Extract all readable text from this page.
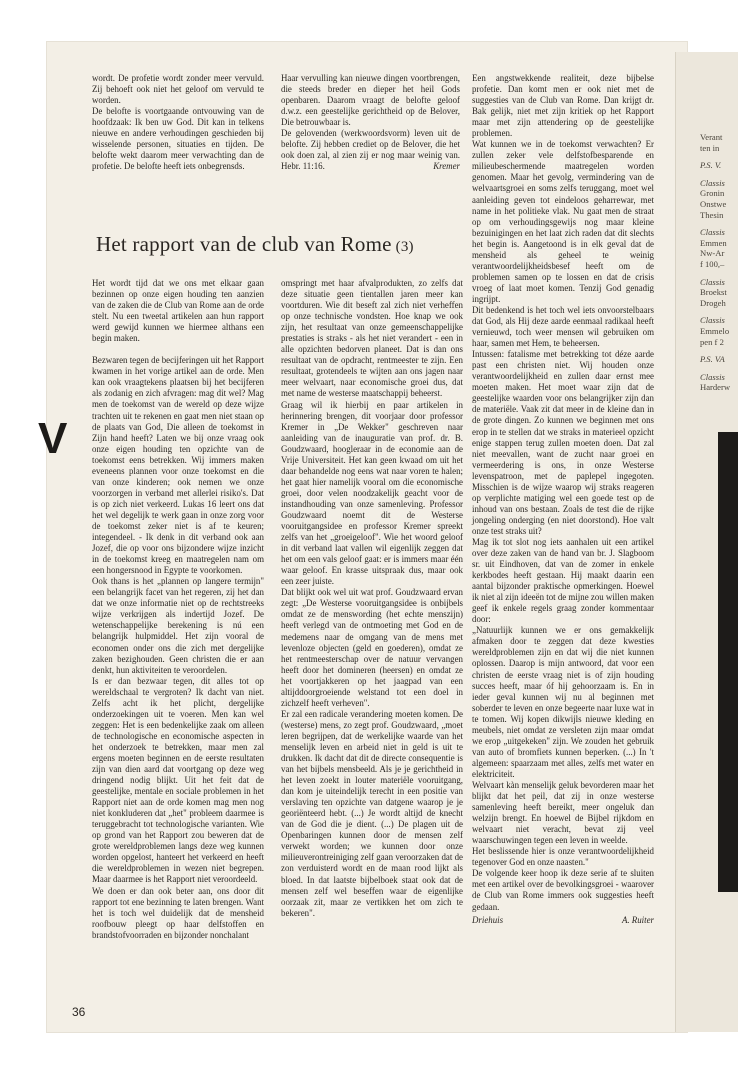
Verant
ten in
P.S. V.
Classis
Gronin
Onstwe
Thesin
Classis
Emmen
Nw-Ar
f 100,–
Classis
Broekst
Drogeh
Classis
Emmelo
pen f 2
P.S. VA
Classis
Harderw
V

wordt. De profetie wordt zonder meer vervuld. Zij behoeft ook niet het geloof om vervuld te worden.

De belofte is voortgaande ontvouwing van de hoofdzaak: Ik ben uw God. Dit kan in telkens nieuwe en andere verhoudingen geschieden bij wisselende personen, situaties en tijden. De belofte wekt daarom meer verwachting dan de profetie. De belofte heeft iets onbegrensds.

Haar vervulling kan nieuwe dingen voortbrengen, die steeds breder en dieper het heil Gods openbaren. Daarom vraagt de belofte geloof d.w.z. een geestelijke gerichtheid op de Belover, Die betrouwbaar is.

De gelovenden (werkwoordsvorm) leven uit de belofte. Zij hebben crediet op de Belover, die het ook doen zal, al zien zij er nog maar weinig van. Hebr. 11:16.	Kremer
Het rapport van de club van Rome (3)

Het wordt tijd dat we ons met elkaar gaan bezinnen op onze eigen houding ten aanzien van de zaken die de Club van Rome aan de orde stelt. Nu een tweetal artikelen aan hun rapport werd gewijd kunnen we hiermee althans een begin maken.

Bezwaren tegen de becijferingen uit het Rapport kwamen in het vorige artikel aan de orde. Men kan ook vraagtekens plaatsen bij het becijferen als zodanig en zich afvragen: mag dit wel? Mag men de toekomst van de wereld op deze wijze trachten uit te rekenen en gaat men niet staan op de plaats van God, Die alleen de toekomst in Zijn hand heeft? Laten we bij onze vraag ook onze eigen houding ten opzichte van de toekomst eens betrekken. Wij immers maken eveneens plannen voor onze toekomst en die van onze kinderen; ook nemen we onze voorzorgen in verband met allerlei risiko's. Dat is op zich niet verkeerd. Lukas 16 leert ons dat het wel degelijk te werk gaan in onze zorg voor de toekomst zeker niet is af te keuren; integendeel. - Ik denk in dit verband ook aan Jozef, die op voor ons bijzondere wijze inzicht in de toekomst kreeg en maatregelen nam om een hongersnood in Egypte te voorkomen.

Ook thans is het „plannen op langere termijn" een belangrijk facet van het regeren, zij het dan dat we onze informatie niet op de rechtstreeks wijze verkrijgen als indertijd Jozef. De wetenschappelijke berekening is nú een belangrijk hulpmiddel. Het zijn vooral de economen onder ons die zich met dergelijke zaken bezighouden. Geen christen die er aan denkt, hun aktiviteiten te veroordelen.

Is er dan bezwaar tegen, dit alles tot op wereldschaal te vergroten? Ik dacht van niet. Zelfs acht ik het plicht, dergelijke onderzoekingen uit te voeren. Men kan wel zeggen: Het is een bedenkelijke zaak om alleen de technologische en economische aspecten in het onderzoek te betrekken, maar men zal ergens moeten beginnen en de eerste resultaten zijn van dien aard dat voortgang op deze weg dringend nodig blijkt. Uit het feit dat de geestelijke, mentale en sociale problemen in het Rapport niet aan de orde komen mag men nog niet konkluderen dat „het" probleem daarmee is teruggebracht tot technologische varianten. Wie op grond van het Rapport zou beweren dat de grote wereldproblemen langs deze weg kunnen worden opgelost, hanteert het verkeerd en heeft die wereldproblemen in wezen niet begrepen. Maar daarmee is het Rapport niet veroordeeld.

We doen er dan ook beter aan, ons door dit rapport tot ene bezinning te laten brengen. Want het is toch wel duidelijk dat de mensheid roofbouw pleegt op haar delfstoffen en brandstofvoorraden en bijzonder nonchalant

omspringt met haar afvalprodukten, zo zelfs dat deze situatie geen tientallen jaren meer kan voortduren. Wie dit beseft zal zich niet verheffen op onze technische vondsten. Hoe knap we ook zijn, het resultaat van onze gemeenschappelijke prestaties is straks - als het niet verandert - een in alle opzichten bedorven planeet. Dat is dan ons resultaat van de opdracht, rentmeester te zijn. Een resultaat, grotendeels te wijten aan ons jagen naar meer welvaart, naar economische groei dus, dat met name de westerse maatschappij beheerst.

Graag wil ik hierbij en paar artikelen in herinnering brengen, dit voorjaar door professor Kremer in „De Wekker" geschreven naar aanleiding van de inauguratie van prof. dr. B. Goudzwaard, hoogleraar in de economie aan de Vrije Universiteit. Het kan geen kwaad om uit het daar behandelde nog eens wat naar voren te halen; het gaat hier namelijk vooral om die economische groei, door velen noodzakelijk geacht voor de instandhouding van onze samenleving. Professor Goudzwaard noemt dit de Westerse vooruitgangsidee en professor Kremer spreekt zelfs van het „groeigeloof". Wie het woord geloof in dit verband laat vallen wil eigenlijk zeggen dat het om een vals geloof gaat: er is immers maar één waar geloof. En krasse uitspraak dus, maar ook een zeer juiste.

Dat blijkt ook wel uit wat prof. Goudzwaard ervan zegt: „De Westerse vooruitgangsidee is onbijbels omdat ze de menswording (het echte menszijn) heeft verlegd van de ontmoeting met God en de medemens naar de omgang van de mens met levenloze objecten (geld en goederen), omdat ze het rentmeesterschap over de natuur vervangen heeft door het domineren (heersen) en omdat ze het voortjakkeren op het jaagpad van een altijddoorgroeiende welstand tot een doel in zichzelf heeft verheven".

Er zal een radicale verandering moeten komen. De (westerse) mens, zo zegt prof. Goudzwaard, „moet leren begrijpen, dat de werkelijke waarde van het menselijk leven en arbeid niet in geld is uit te drukken. Ik dacht dat dit de directe consequentie is van het bijbels mensbeeld. Als je je gerichtheid in het leven zoekt in louter materiële vooruitgang, dan kom je uiteindelijk terecht in een positie van verslaving ten opzichte van datgene waarop je je georiënteerd hebt. (...) Je wordt altijd de knecht van de God die je dient. (...) De plagen uit de Openbaringen kunnen door de mensen zelf verwekt worden; we kunnen door onze milieuverontreiniging zelf gaan veroorzaken dat de zon verduisterd wordt en de maan rood lijkt als bloed. In dat laatste bijbelboek staat ook dat de mensen zelf wel beseffen waar de eigenlijke oorzaak zit, maar ze vertikken het om zich te bekeren".

Een angstwekkende realiteit, deze bijbelse profetie. Dan komt men er ook niet met de suggesties van de Club van Rome. Dan krijgt dr. Bak gelijk, niet met zijn kritiek op het Rapport maar met zijn attendering op de geestelijke problemen.

Wat kunnen we in de toekomst verwachten? Er zullen zeker vele delfstofbesparende en milieubeschermende maatregelen worden genomen. Maar het gevolg, vermindering van de welvaartsgroei en soms zelfs teruggang, moet wel aanleiding geven tot eindeloos geharrewar, met name in het politieke vlak. Nu gaat men de straat op om verhoudingsgewijs nog maar kleine bezuinigingen en het laat zich raden dat dit slechts het begin is. Aangetoond is in elk geval dat de mensheid als geheel te weinig verantwoordelijkheidsbesef heeft om de problemen samen op te lossen en dat de crisis vroeg of laat moet komen. Tenzij God genadig ingrijpt.

Dit bedenkend is het toch wel iets onvoorstelbaars dat God, als Hij deze aarde eenmaal radikaal heeft vernieuwd, toch weer mensen wil gebruiken om haar, samen met Hem, te beheersen.

Intussen: fatalisme met betrekking tot déze aarde past een christen niet. Wij houden onze verantwoordelijkheid en zullen daar ernst mee moeten maken. Het moet waar zijn dat de geestelijke waarden voor ons belangrijker zijn dan de materiële. Vaak zit dat meer in de kleine dan in de grote dingen. Zo kunnen we beginnen met ons erop in te stellen dat we straks in materieel opzicht enige stappen terug zullen moeten doen. Dat zal niet meevallen, want de zucht naar groei en vermeerdering is ons, in onze Westerse levenspatroon, met de paplepel ingegoten. Misschien is de wijze waarop wij straks reageren op verplichte matiging wel een goede test op de inhoud van ons bestaan. Zoals de test die de rijke jongeling onderging (en niet doorstond). Hoe valt onze test straks uit?

Mag ik tot slot nog iets aanhalen uit een artikel over deze zaken van de hand van br. J. Slagboom sr. uit Eindhoven, dat van de zomer in enkele kerkbodes heeft gestaan. Hij maakt daarin een aantal bijzonder praktische opmerkingen. Hoewel ik niet al zijn ideeën tot de mijne zou willen maken geef ik enkele regels graag zonder kommentaar door:

„Natuurlijk kunnen we er ons gemakkelijk afmaken door te zeggen dat deze kwesties wereldproblemen zijn en dat wij die niet kunnen oplossen. Daarop is mijn antwoord, dat voor een christen de eerste vraag niet is of zijn houding succes heeft, maar óf hij gehoorzaam is. En in ieder geval kunnen wij nu al beginnen met soberder te leven en onze begeerte naar luxe wat in te tomen. Wij kopen dikwijls nieuwe kleding en meubels, niet omdat ze versleten zijn maar omdat we erop „uitgekeken" zijn. We zouden het gebruik van auto of bromfiets kunnen beperken. (...) In 't algemeen: spaarzaam met alles, zelfs met water en elektriciteit.

Welvaart kàn menselijk geluk bevorderen maar het blijkt dat het peil, dat zij in onze westerse samenleving heeft bereikt, meer ongeluk dan welzijn brengt. En hoewel de Bijbel rijkdom en welvaart niet veracht, bevat zij veel waarschuwingen tegen een leven in weelde.

Het beslissende hier is onze verantwoordelijkheid tegenover God en onze naasten."

De volgende keer hoop ik deze serie af te sluiten met een artikel over de bevolkingsgroei - waarover de Club van Rome immers ook suggesties heeft gedaan.

Driehuis	A. Ruiter
36
